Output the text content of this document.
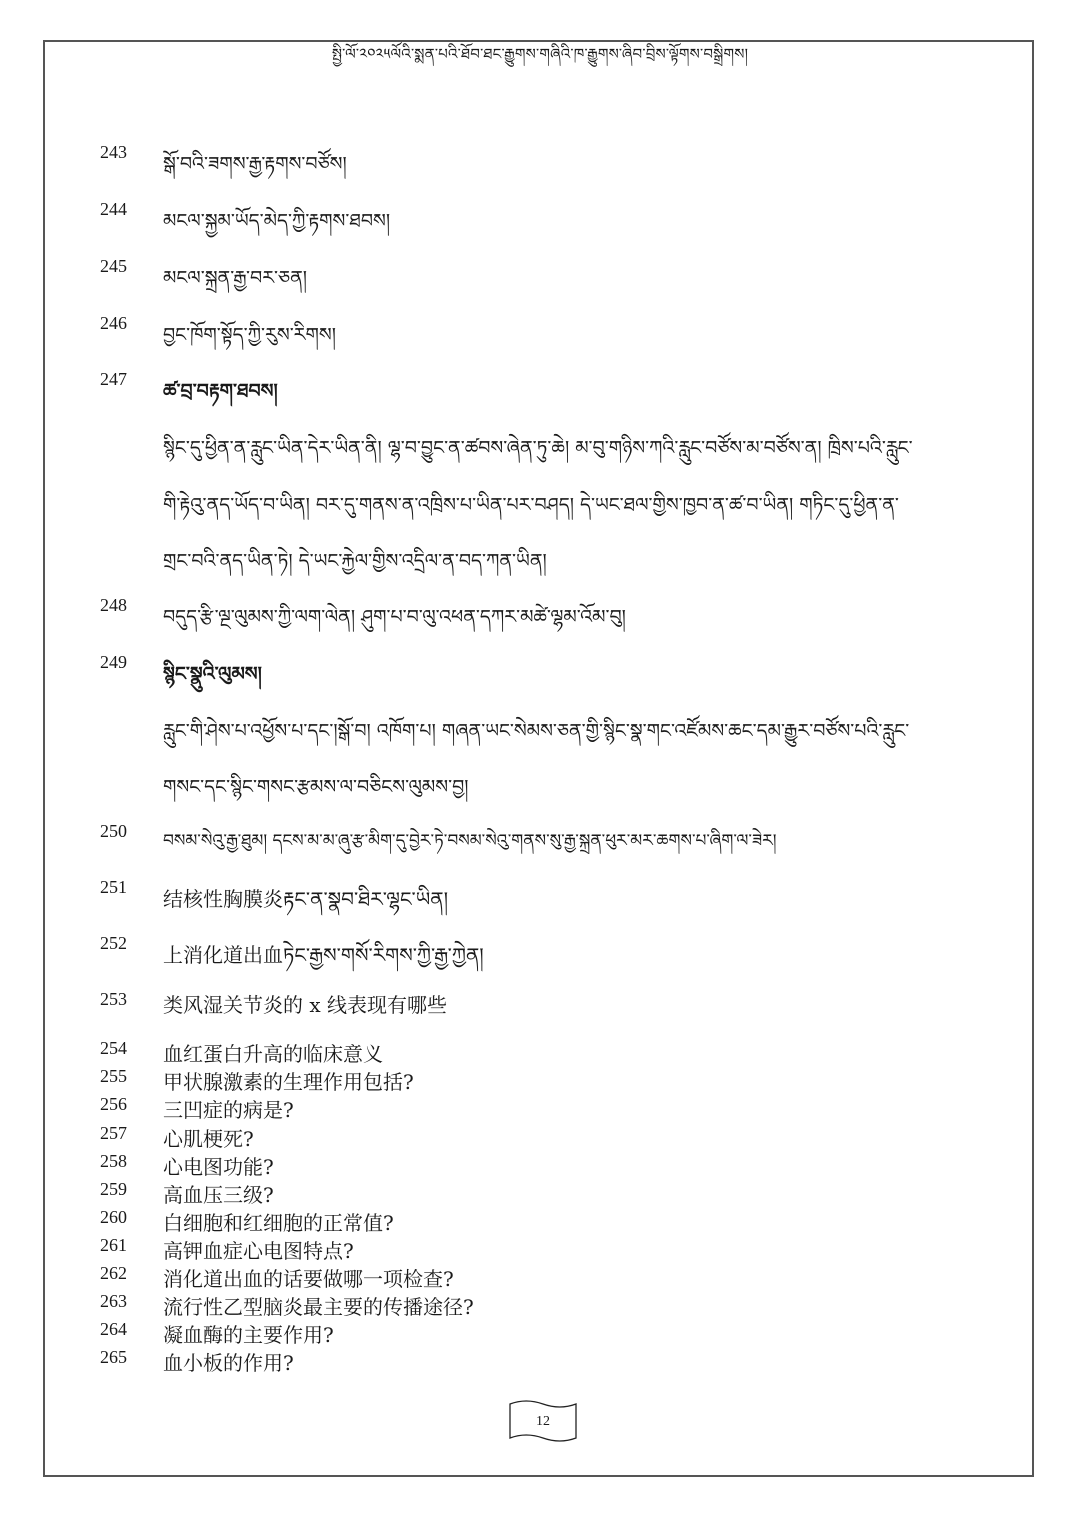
སྤྱི་ལོ་༢༠༢༥ལོའི་སྨན་པའི་ཐོབ་ཐང་རྒྱུགས་གཞིའི་ཁ་རྒྱུགས་ཞིབ་བྲིས་ལྟོགས་བསྒྲིགས།
243
སྒོ་བའི་ཟགས་རྒྱ་རྟགས་བཙོས།
244
མངལ་སྐྱམ་ཡོད་མེད་ཀྱི་རྟགས་ཐབས།
245
མངལ་སྐྲན་རྒྱ་བར་ཅན།
246
བྱང་ཁོག་སྟོད་ཀྱི་རུས་རིགས།
247
ཚ་བྲ་བརྟག་ཐབས།
སྙིང་དུ་ཕྱིན་ན་རླུང་ཡིན་དེར་ཡིན་ནི། ལྷ་བ་བྱུང་ན་ཚབས་ཞེན་ཏུ་ཆེ། མ་བུ་གཉིས་ཀའི་རླུང་བཙོས་མ་བཙོས་ན། ཁྲིས་པའི་རླུང་
གི་རྟེའུ་ནད་ཡོད་བ་ཡིན། བར་དུ་གནས་ན་འཁྲིས་པ་ཡིན་པར་བཤད། དེ་ཡང་ཐལ་གྱིས་ཁྱབ་ན་ཚ་བ་ཡིན། གཏིང་དུ་ཕྱིན་ན་
གྲང་བའི་ནད་ཡིན་ཏེ། དེ་ཡང་རྐྱེལ་གྱིས་འདྲིལ་ན་བད་ཀན་ཡིན།
248
བདུད་རྩི་ལྔ་ལུམས་ཀྱི་ལག་ལེན། ཤུག་པ་བ་ལུ་འཕན་དཀར་མཚེ་ལྷམ་འོམ་བུ།
249
སྙིང་སྣུའི་ལུམས།
རླུང་གི་ཤེས་པ་འཕྱོས་པ་དང་།སྒོ་བ། འཁོག་པ། གཞན་ཡང་སེམས་ཅན་གྱི་སྙིང་སྣ་གང་འཛོམས་ཆང་དམ་རྒྱུར་བཙོས་པའི་རླུང་
གསང་དང་སྙིང་གསང་རྩམས་ལ་བཅིངས་ལུམས་བྱ།
250	བསམ་སེའུ་རྒྱ་ཐུམ། དངས་མ་མ་ཞུ་རྩ་མིག་དུ་བྱེར་ཏེ་བསམ་སེའུ་གནས་སུ་རྒྱ་སྐྲན་ཕུར་མར་ཆགས་པ་ཞིག་ལ་ཟེར།
251	结核性胸膜炎རྟང་ན་སྣབ་ཐིར་ལྷང་ཡིན།
252	上消化道出血ཏེང་རྒྱས་གསོ་རིགས་ཀྱི་རྒྱ་ཀྱེན།
253	类风湿关节炎的 x 线表现有哪些
254	血红蛋白升高的临床意义
255	甲状腺激素的生理作用包括?
256	三凹症的病是?
257	心肌梗死?
258	心电图功能?
259	高血压三级?
260	白细胞和红细胞的正常值?
261	高钾血症心电图特点?
262	消化道出血的话要做哪一项检查?
263	流行性乙型脑炎最主要的传播途径?
264	凝血酶的主要作用?
265	血小板的作用?
12
